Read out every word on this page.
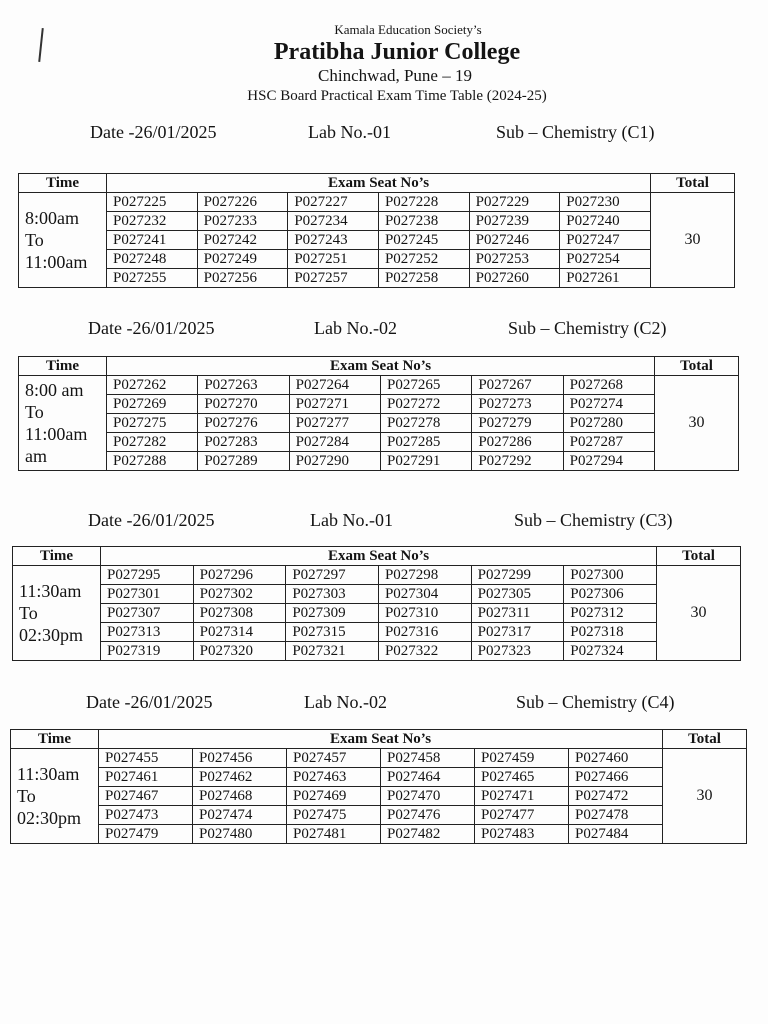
Kamala Education Society’s
Pratibha Junior College
Chinchwad, Pune – 19
HSC Board Practical Exam Time Table (2024-25)
Date -26/01/2025	Lab No.-01	Sub – Chemistry (C1)
Time	Exam Seat No’s						Total

8:00am
To
11:00am	P027225	P027226	P027227	P027228	P027229	P027230	30
	P027232	P027233	P027234	P027238	P027239	P027240	
	P027241	P027242	P027243	P027245	P027246	P027247	
	P027248	P027249	P027251	P027252	P027253	P027254	
	P027255	P027256	P027257	P027258	P027260	P027261	
Date -26/01/2025	Lab No.-02	Sub – Chemistry (C2)
Time	Exam Seat No’s						Total

8:00 am
To
11:00am
am	P027262	P027263	P027264	P027265	P027267	P027268	30
	P027269	P027270	P027271	P027272	P027273	P027274	
	P027275	P027276	P027277	P027278	P027279	P027280	
	P027282	P027283	P027284	P027285	P027286	P027287	
	P027288	P027289	P027290	P027291	P027292	P027294	
Date -26/01/2025	Lab No.-01	Sub – Chemistry (C3)
Time	Exam Seat No’s						Total

11:30am
To
02:30pm	P027295	P027296	P027297	P027298	P027299	P027300	30
	P027301	P027302	P027303	P027304	P027305	P027306	
	P027307	P027308	P027309	P027310	P027311	P027312	
	P027313	P027314	P027315	P027316	P027317	P027318	
	P027319	P027320	P027321	P027322	P027323	P027324	
Date -26/01/2025	Lab No.-02	Sub – Chemistry (C4)
Time	Exam Seat No’s						Total

11:30am
To
02:30pm	P027455	P027456	P027457	P027458	P027459	P027460	30
	P027461	P027462	P027463	P027464	P027465	P027466	
	P027467	P027468	P027469	P027470	P027471	P027472	
	P027473	P027474	P027475	P027476	P027477	P027478	
	P027479	P027480	P027481	P027482	P027483	P027484	
